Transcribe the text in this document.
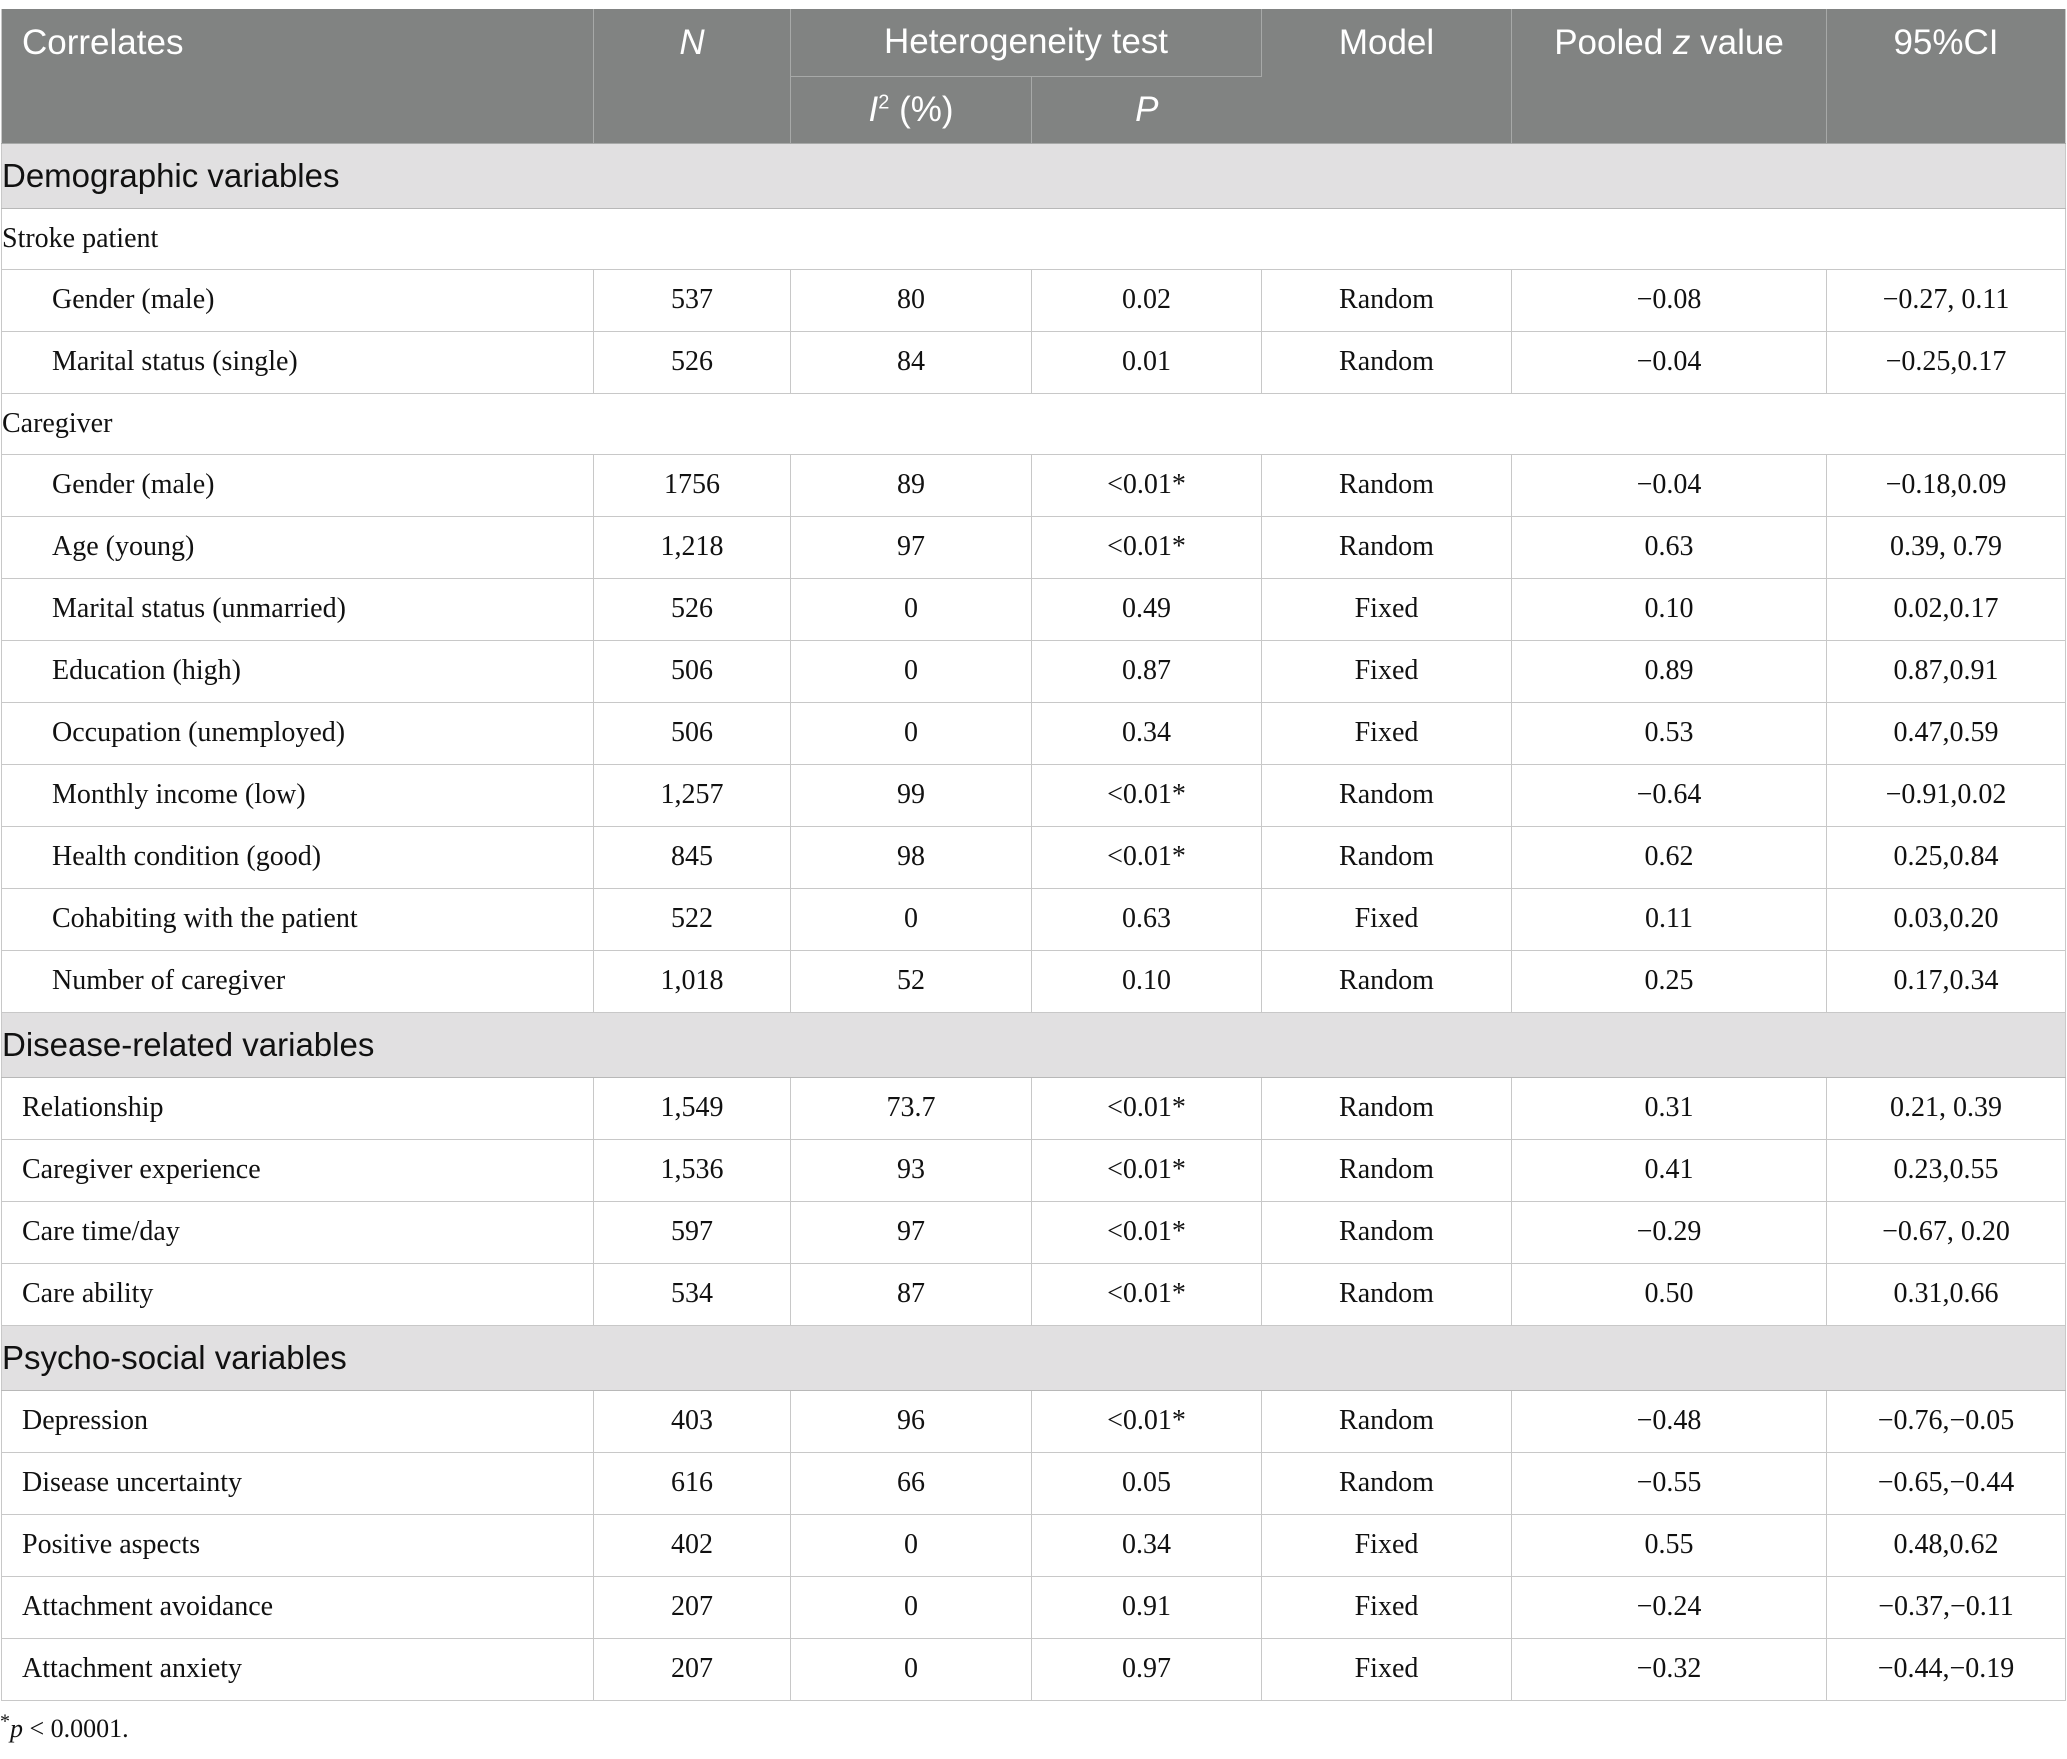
Correlates	N	Heterogeneity test		Model	Pooled z value	95%CI
		$I^2$ (%)	P			
Demographic variables						
Stroke patient						
Gender (male)	537	80	0.02	Random	−0.08	−0.27, 0.11
Marital status (single)	526	84	0.01	Random	−0.04	−0.25,0.17
Caregiver						
Gender (male)	1756	89	<0.01*	Random	−0.04	−0.18,0.09
Age (young)	1,218	97	<0.01*	Random	0.63	0.39, 0.79
Marital status (unmarried)	526	0	0.49	Fixed	0.10	0.02,0.17
Education (high)	506	0	0.87	Fixed	0.89	0.87,0.91
Occupation (unemployed)	506	0	0.34	Fixed	0.53	0.47,0.59
Monthly income (low)	1,257	99	<0.01*	Random	−0.64	−0.91,0.02
Health condition (good)	845	98	<0.01*	Random	0.62	0.25,0.84
Cohabiting with the patient	522	0	0.63	Fixed	0.11	0.03,0.20
Number of caregiver	1,018	52	0.10	Random	0.25	0.17,0.34
Disease-related variables						
Relationship	1,549	73.7	<0.01*	Random	0.31	0.21, 0.39
Caregiver experience	1,536	93	<0.01*	Random	0.41	0.23,0.55
Care time/day	597	97	<0.01*	Random	−0.29	−0.67, 0.20
Care ability	534	87	<0.01*	Random	0.50	0.31,0.66
Psycho-social variables						
Depression	403	96	<0.01*	Random	−0.48	−0.76,−0.05
Disease uncertainty	616	66	0.05	Random	−0.55	−0.65,−0.44
Positive aspects	402	0	0.34	Fixed	0.55	0.48,0.62
Attachment avoidance	207	0	0.91	Fixed	−0.24	−0.37,−0.11
Attachment anxiety	207	0	0.97	Fixed	−0.32	−0.44,−0.19
*p < 0.0001.
